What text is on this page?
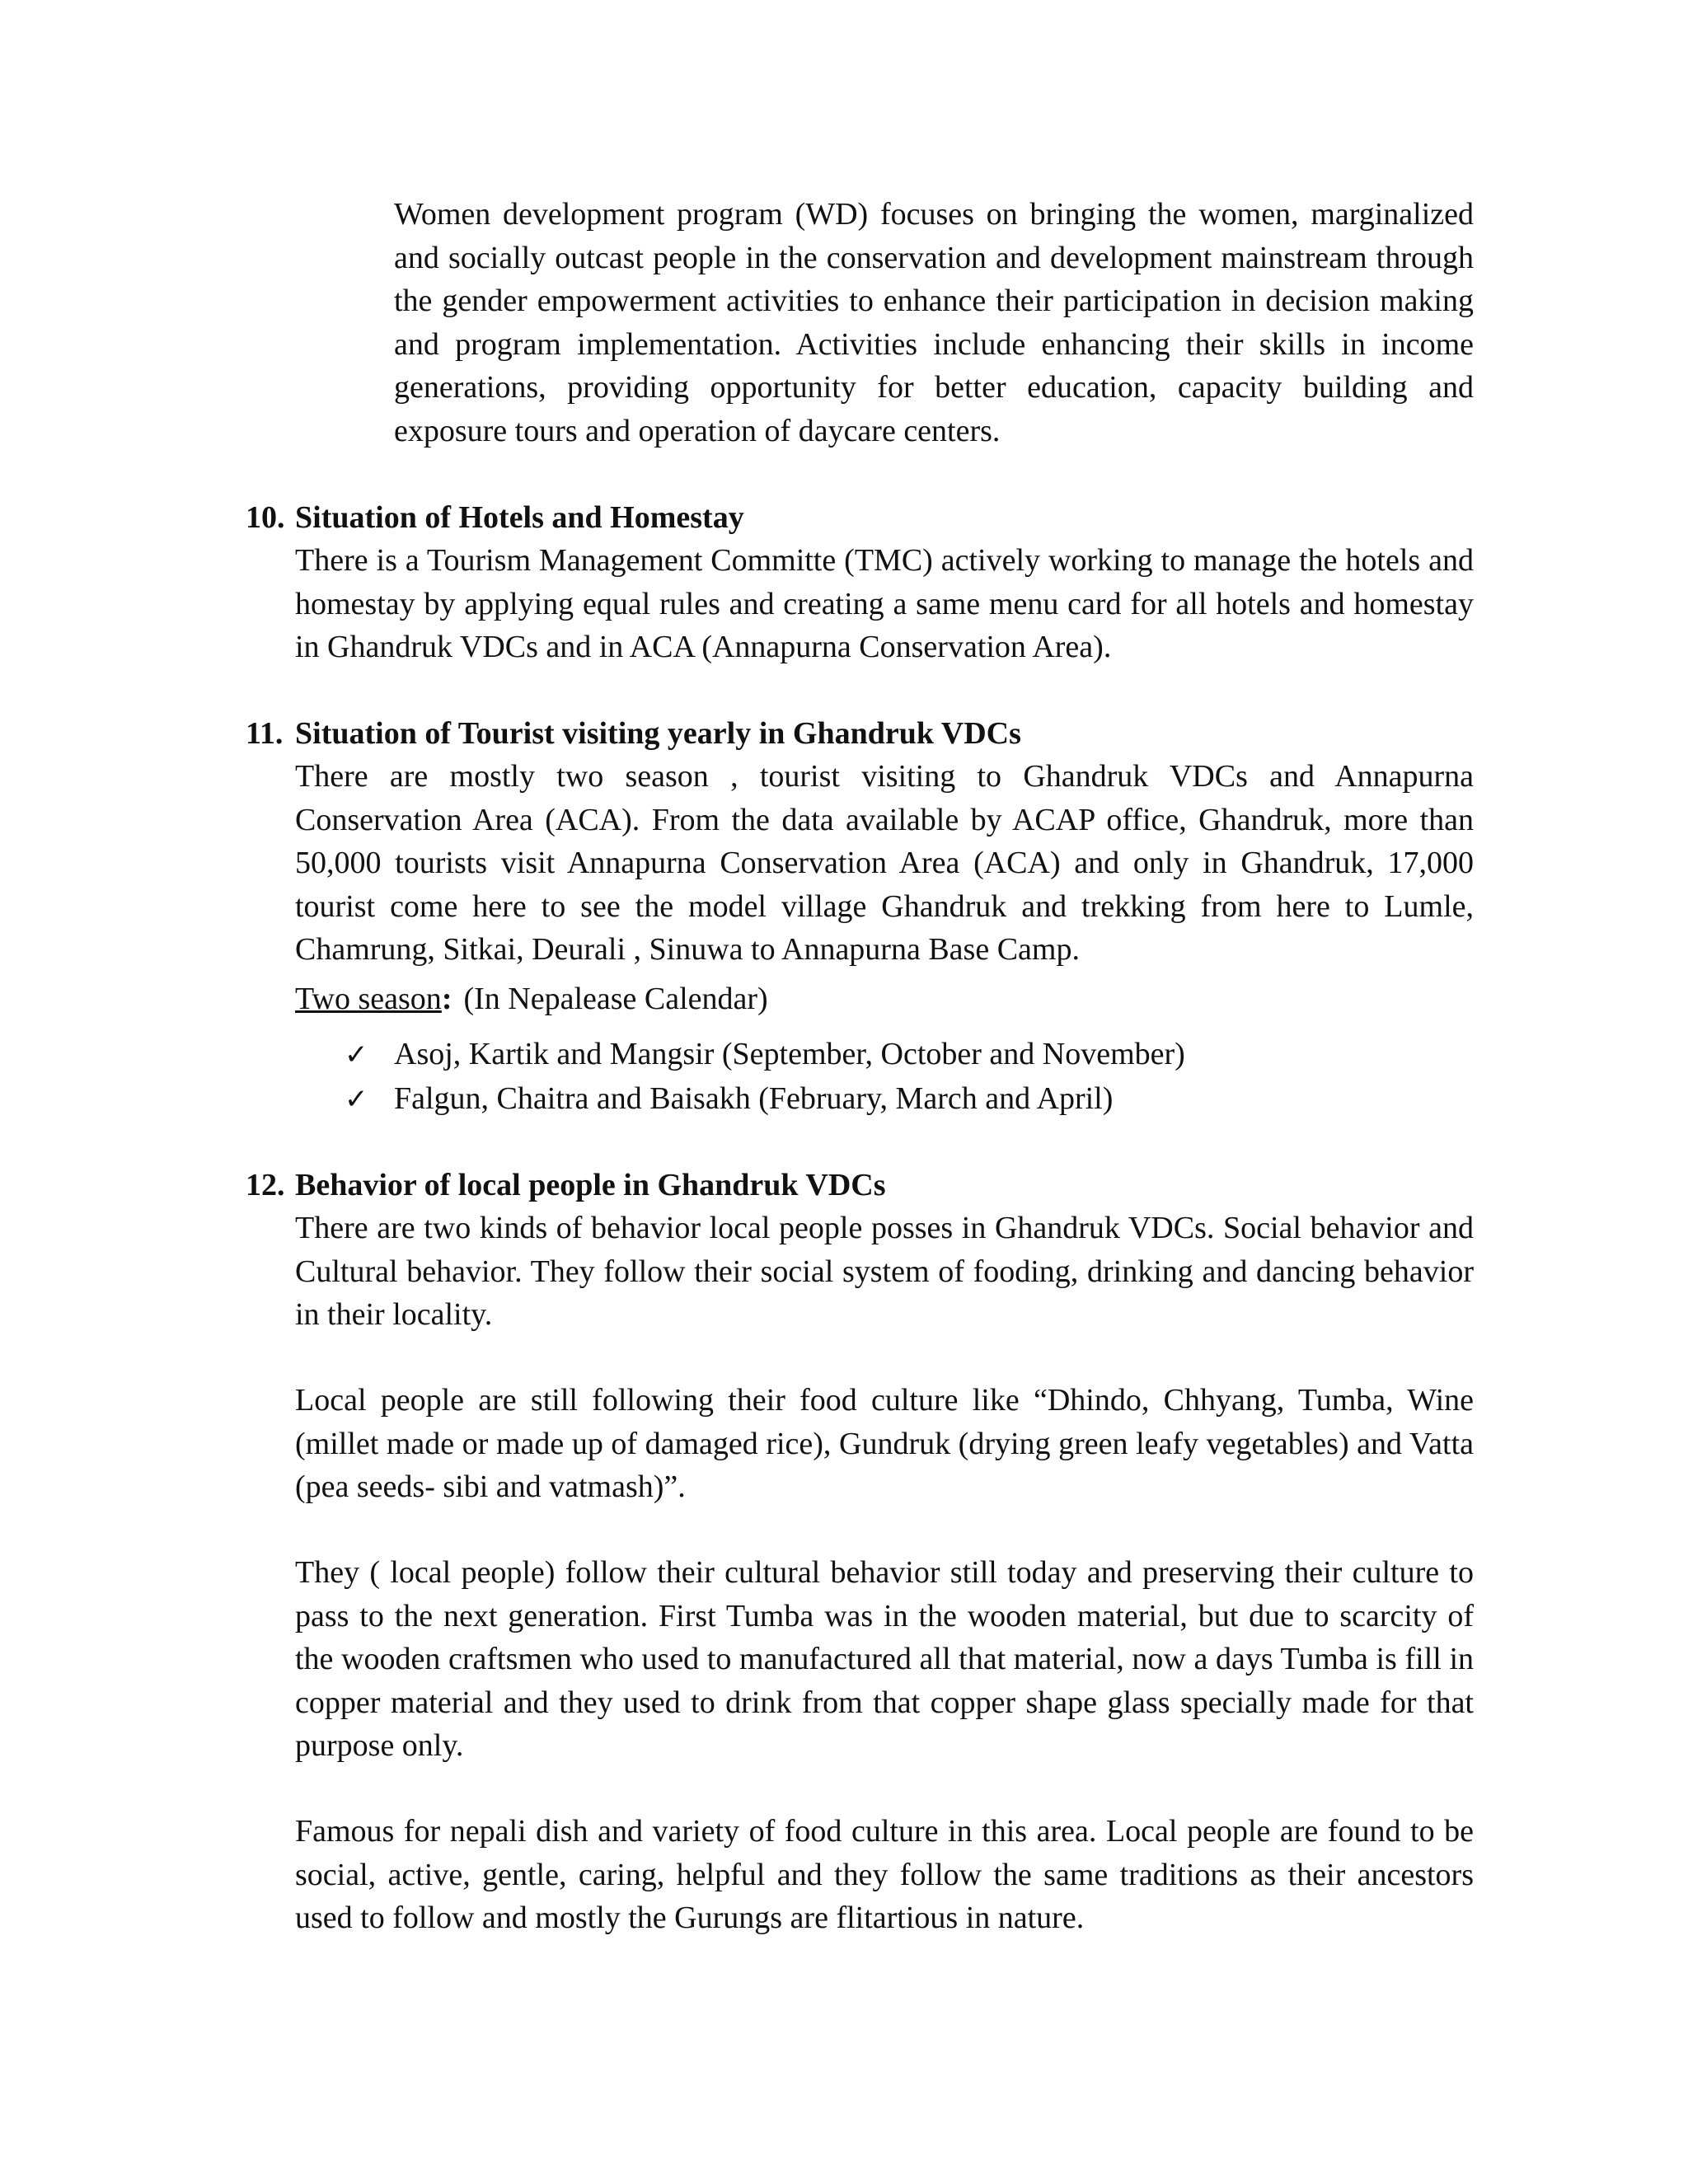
Women development program (WD) focuses on bringing the women, marginalized and socially outcast people in the conservation and development mainstream through the gender empowerment activities to enhance their participation in decision making and program implementation. Activities include enhancing their skills in income generations, providing opportunity for better education, capacity building and exposure tours and operation of daycare centers.

10. Situation of Hotels and Homestay

There is a Tourism Management Committe (TMC) actively working to manage the hotels and homestay by applying equal rules and creating a same menu card for all hotels and homestay in Ghandruk VDCs and in ACA (Annapurna Conservation Area).

11. Situation of Tourist visiting yearly in Ghandruk VDCs

There are mostly two season , tourist visiting to Ghandruk VDCs and Annapurna Conservation Area (ACA). From the data available by ACAP office, Ghandruk, more than 50,000 tourists visit Annapurna Conservation Area (ACA) and only in Ghandruk, 17,000 tourist come here to see the model village Ghandruk and trekking from here to Lumle, Chamrung, Sitkai, Deurali , Sinuwa to Annapurna Base Camp.

Two season: (In Nepalease Calendar)
✓ Asoj, Kartik and Mangsir (September, October and November)
✓ Falgun, Chaitra and Baisakh (February, March and April)
12. Behavior of local people in Ghandruk VDCs

There are two kinds of behavior local people posses in Ghandruk VDCs. Social behavior and Cultural behavior. They follow their social system of fooding, drinking and dancing behavior in their locality.

Local people are still following their food culture like “Dhindo, Chhyang, Tumba, Wine (millet made or made up of damaged rice), Gundruk (drying green leafy vegetables) and Vatta (pea seeds- sibi and vatmash)”.

They ( local people) follow their cultural behavior still today and preserving their culture to pass to the next generation. First Tumba was in the wooden material, but due to scarcity of the wooden craftsmen who used to manufactured all that material, now a days Tumba is fill in copper material and they used to drink from that copper shape glass specially made for that purpose only.

Famous for nepali dish and variety of food culture in this area. Local people are found to be social, active, gentle, caring, helpful and they follow the same traditions as their ancestors used to follow and mostly the Gurungs are flitartious in nature.
